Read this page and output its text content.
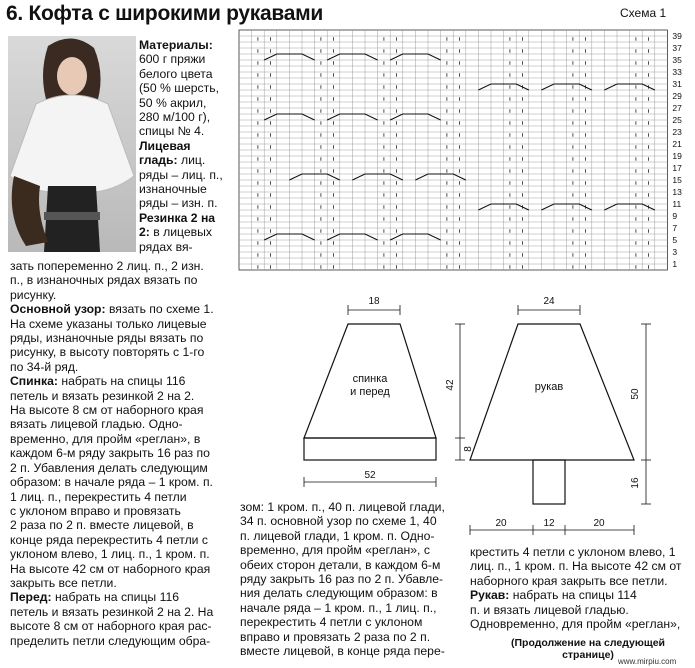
6. Кофта с широкими рукавами	Схема 1

Материалы:

600 г пряжи

белого цвета

(50 % шерсть,

50 % акрил,

280 м/100 г),

спицы № 4.

Лицевая

гладь: лиц.

ряды – лиц. п.,

изнаночные

ряды – изн. п.

Резинка 2 на

2: в лицевых

рядах вя-

зать попеременно 2 лиц. п., 2 изн.

п., в изнаночных рядах вязать по

рисунку.

Основной узор: вязать по схеме 1.

На схеме указаны только лицевые

ряды, изнаночные ряды вязать по

рисунку, в высоту повторять с 1-го

по 34-й ряд.

Спинка: набрать на спицы 116

петель и вязать резинкой 2 на 2.

На высоте 8 см от наборного края

вязать лицевой гладью. Одно-

временно, для пройм «реглан», в

каждом 6-м ряду закрыть 16 раз по

2 п. Убавления делать следующим

образом: в начале ряда – 1 кром. п.

1 лиц. п., перекрестить 4 петли

с уклоном вправо и провязать

2 раза по 2 п. вместе лицевой, в

конце ряда перекрестить 4 петли с

уклоном влево, 1 лиц. п., 1 кром. п.

На высоте 42 см от наборного края

закрыть все петли.

Перед: набрать на спицы 116

петель и вязать резинкой 2 на 2. На

высоте 8 см от наборного края рас-

пределить петли следующим обра-

зом: 1 кром. п., 40 п. лицевой глади,

34 п. основной узор по схеме 1, 40

п. лицевой глади, 1 кром. п. Одно-

временно, для пройм «реглан», с

обеих сторон детали, в каждом 6-м

ряду закрыть 16 раз по 2 п. Убавле-

ния делать следующим образом: в

начале ряда – 1 кром. п., 1 лиц. п.,

перекрестить 4 петли с уклоном

вправо и провязать 2 раза по 2 п.

вместе лицевой, в конце ряда пере-

крестить 4 петли с уклоном влево, 1

лиц. п., 1 кром. п. На высоте 42 см от

наборного края закрыть все петли.

Рукав: набрать на спицы 114

п. и вязать лицевой гладью.

Одновременно, для пройм «реглан»,

(Продолжение на следующей
странице)
www.mirpiu.com
39
37
35
33
31
29
27
25
23
21
19
17
15
13
11
9
7
5
3
1
18
спинка
и перед
42
8
52
24
рукав
50
16
20	12	20
